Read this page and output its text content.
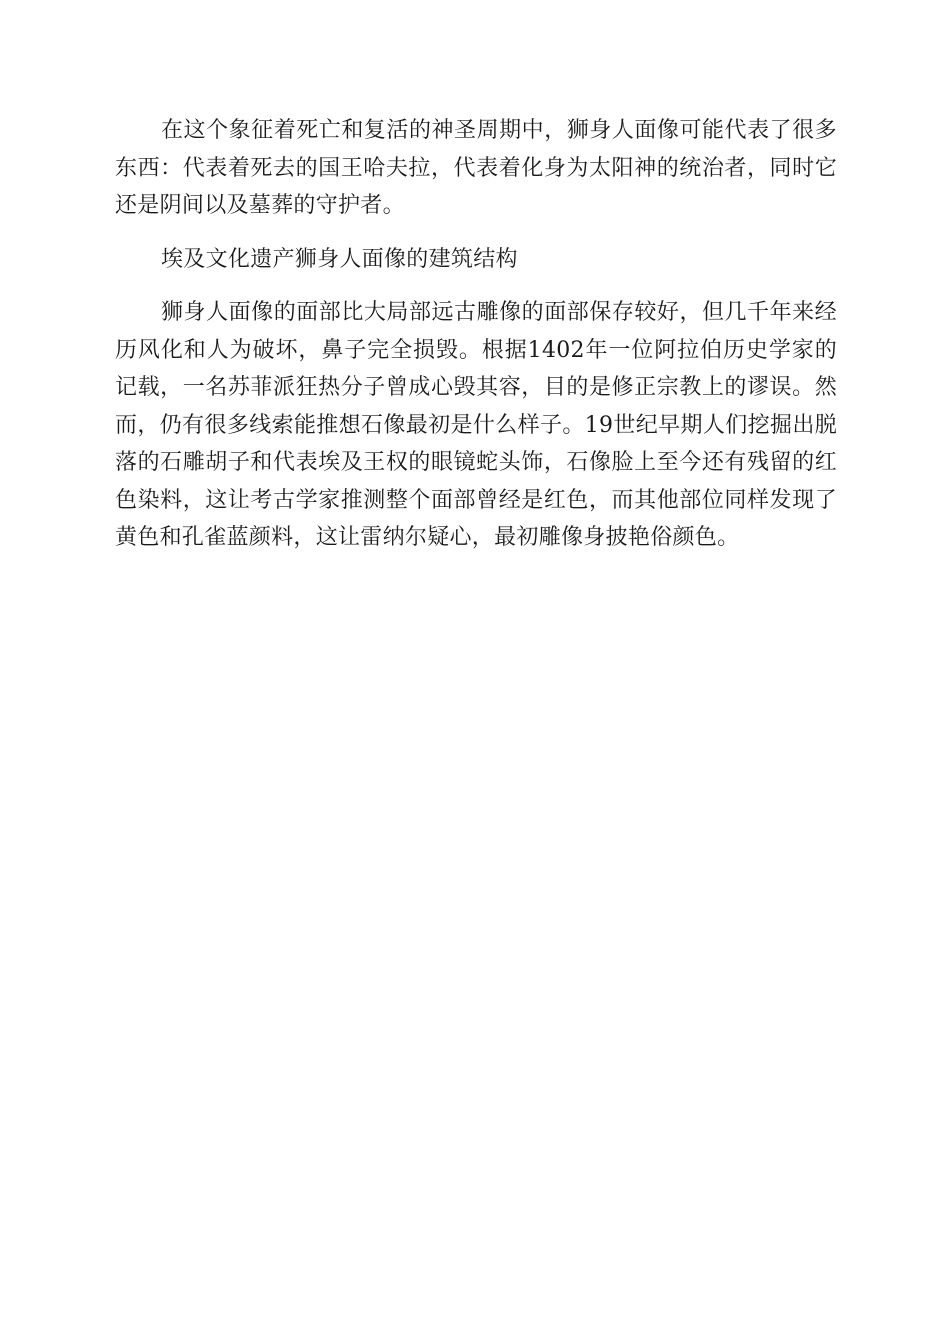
在这个象征着死亡和复活的神圣周期中，狮身人面像可能代表了很多东西：代表着死去的国王哈夫拉，代表着化身为太阳神的统治者，同时它还是阴间以及墓葬的守护者。

埃及文化遗产狮身人面像的建筑结构

狮身人面像的面部比大局部远古雕像的面部保存较好，但几千年来经历风化和人为破坏，鼻子完全损毁。根据1402年一位阿拉伯历史学家的记载，一名苏菲派狂热分子曾成心毁其容，目的是修正宗教上的谬误。然而，仍有很多线索能推想石像最初是什么样子。19世纪早期人们挖掘出脱落的石雕胡子和代表埃及王权的眼镜蛇头饰，石像脸上至今还有残留的红色染料，这让考古学家推测整个面部曾经是红色，而其他部位同样发现了黄色和孔雀蓝颜料，这让雷纳尔疑心，最初雕像身披艳俗颜色。
